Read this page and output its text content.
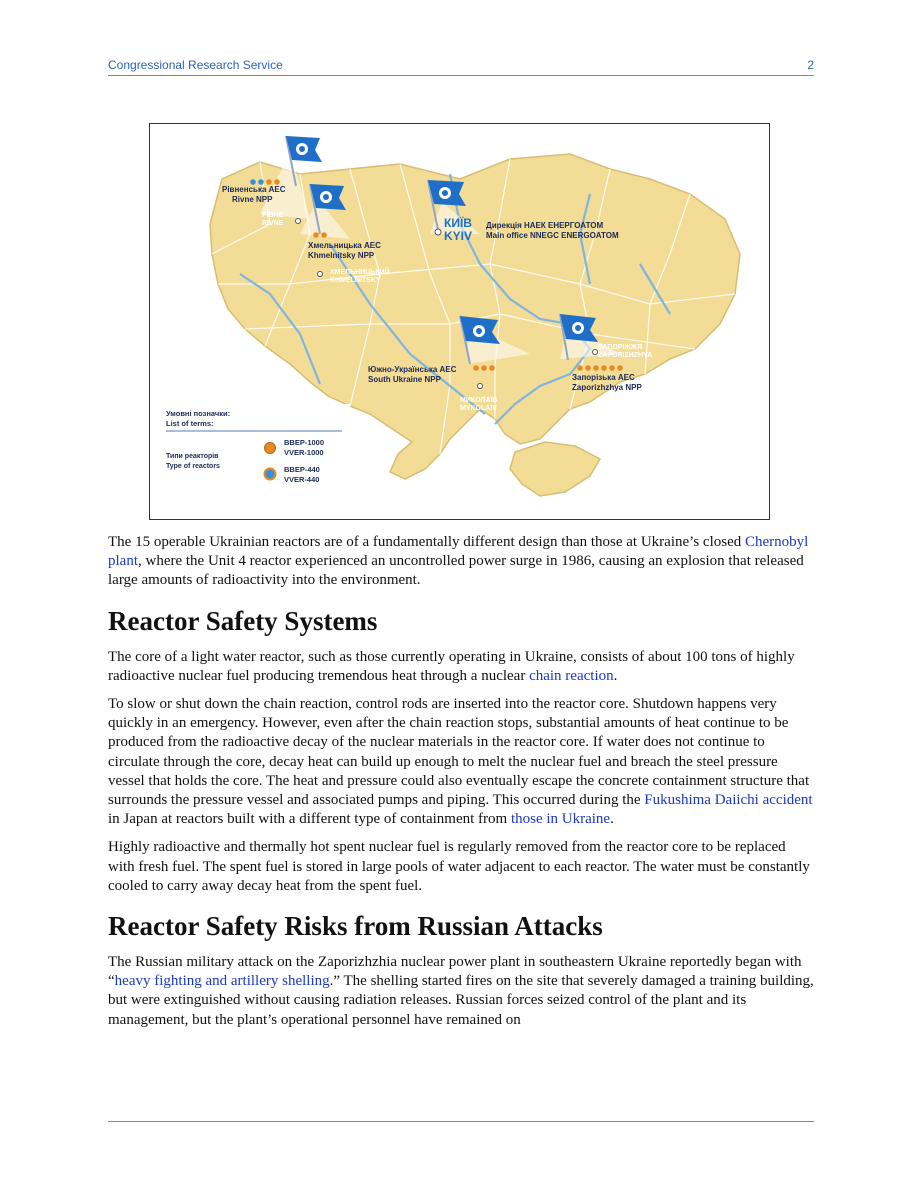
Congressional Research Service	2
Рівненська АЕС
Rivne NPP
РІВНЕ
RIVNE
Хмельницька АЕС
Khmelnitsky NPP
ХМЕЛЬНИЦЬКИЙ
KHMELNITSKY
КИЇВ
KYIV
Дирекція НАЕК ЕНЕРГОАТОМ
Main office NNEGC ENERGOATOM
Южно-Українська АЕС
South Ukraine NPP
МИКОЛАЇВ
MYKOLAIV
ЗАПОРІЖЖЯ
ZAPORIZHZHYA
Запорізька АЕС
Zaporizhzhya NPP
Умовні позначки:
List of terms:
Типи реакторів
Type of reactors
ВВЕР-1000
VVER-1000
ВВЕР-440
VVER-440

The 15 operable Ukrainian reactors are of a fundamentally different design than those at Ukraine’s closed Chernobyl plant, where the Unit 4 reactor experienced an uncontrolled power surge in 1986, causing an explosion that released large amounts of radioactivity into the environment.

Reactor Safety Systems

The core of a light water reactor, such as those currently operating in Ukraine, consists of about 100 tons of highly radioactive nuclear fuel producing tremendous heat through a nuclear chain reaction.

To slow or shut down the chain reaction, control rods are inserted into the reactor core. Shutdown happens very quickly in an emergency. However, even after the chain reaction stops, substantial amounts of heat continue to be produced from the radioactive decay of the nuclear materials in the reactor core. If water does not continue to circulate through the core, decay heat can build up enough to melt the nuclear fuel and breach the steel pressure vessel that holds the core. The heat and pressure could also eventually escape the concrete containment structure that surrounds the pressure vessel and associated pumps and piping. This occurred during the Fukushima Daiichi accident in Japan at reactors built with a different type of containment from those in Ukraine.

Highly radioactive and thermally hot spent nuclear fuel is regularly removed from the reactor core to be replaced with fresh fuel. The spent fuel is stored in large pools of water adjacent to each reactor. The water must be constantly cooled to carry away decay heat from the spent fuel.

Reactor Safety Risks from Russian Attacks

The Russian military attack on the Zaporizhzhia nuclear power plant in southeastern Ukraine reportedly began with “heavy fighting and artillery shelling.” The shelling started fires on the site that severely damaged a training building, but were extinguished without causing radiation releases. Russian forces seized control of the plant and its management, but the plant’s operational personnel have remained on
